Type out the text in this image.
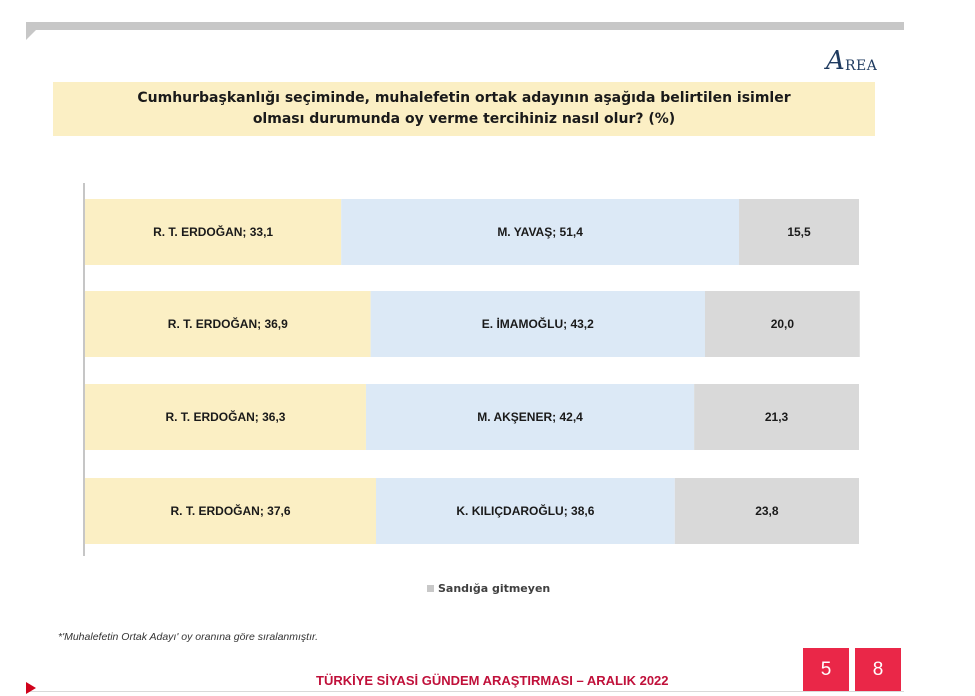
A REA
Cumhurbaşkanlığı seçiminde, muhalefetin ortak adayının aşağıda belirtilen isimler olması durumunda oy verme tercihiniz nasıl olur? (%)
R. T. ERDOĞAN; 33,1	M. YAVAŞ; 51,4	15,5
R. T. ERDOĞAN; 36,9	E. İMAMOĞLU; 43,2	20,0
R. T. ERDOĞAN; 36,3	M. AKŞENER; 42,4	21,3
R. T. ERDOĞAN; 37,6	K. KILIÇDAROĞLU; 38,6	23,8
Sandığa gitmeyen
*'Muhalefetin Ortak Adayı' oy oranına göre sıralanmıştır.
TÜRKİYE SİYASİ GÜNDEM ARAŞTIRMASI – ARALIK 2022
5	8
